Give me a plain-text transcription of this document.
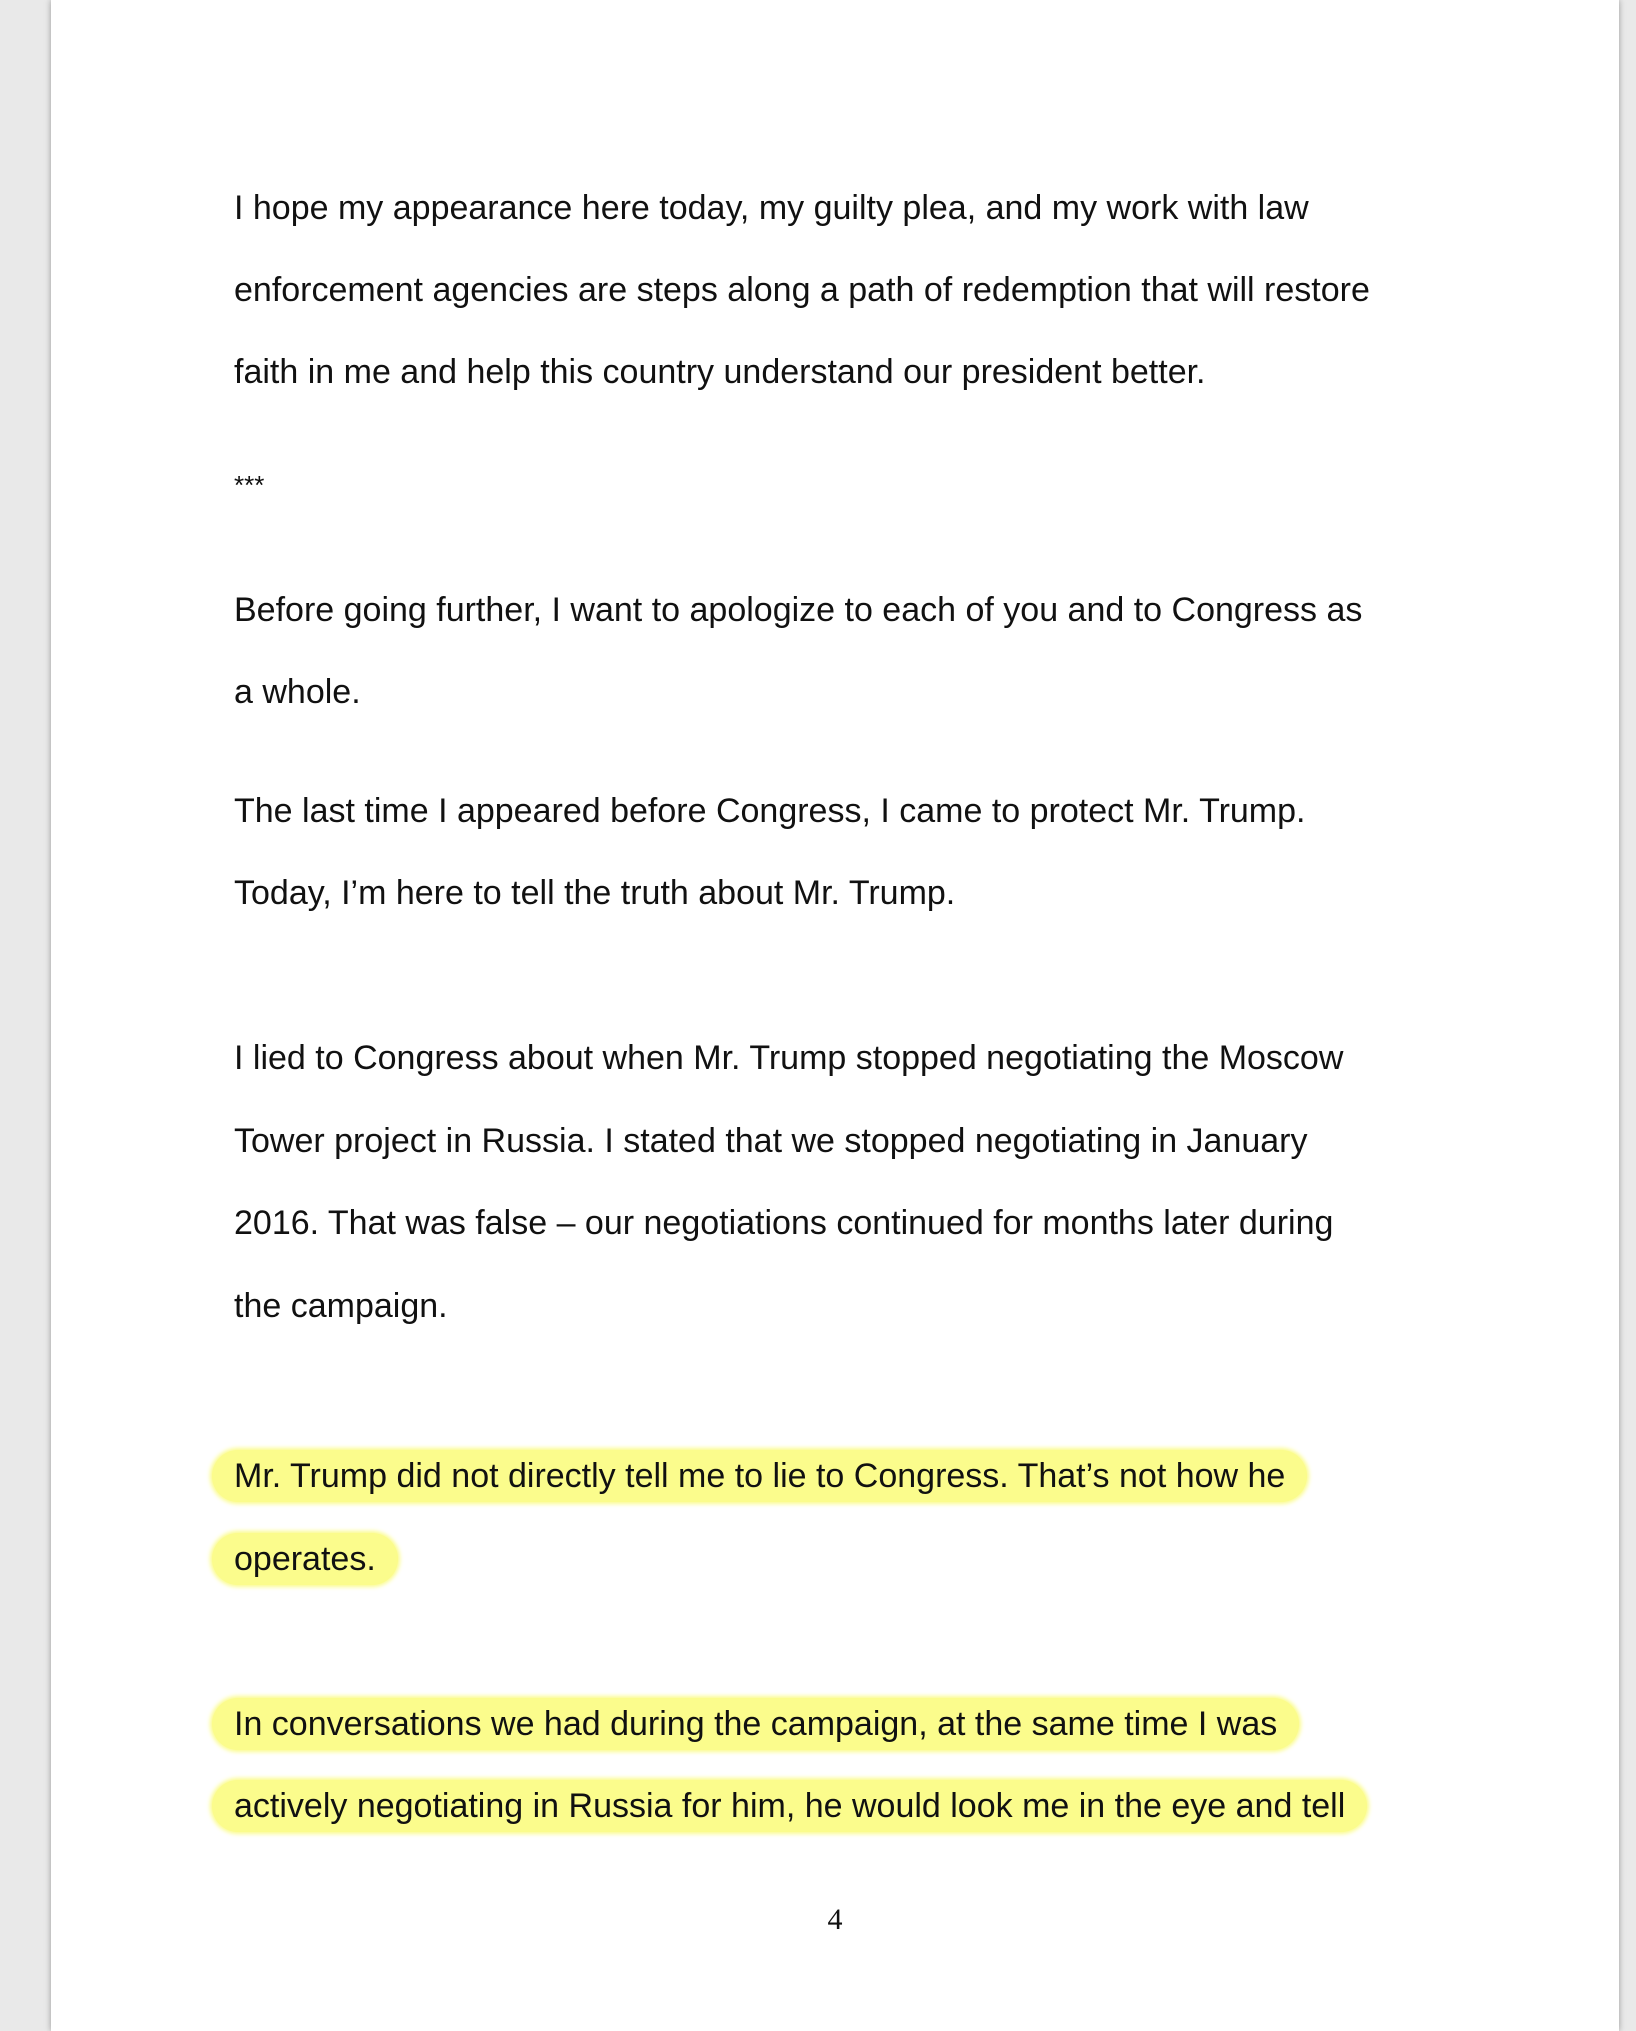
I hope my appearance here today, my guilty plea, and my work with law
enforcement agencies are steps along a path of redemption that will restore
faith in me and help this country understand our president better.
***
Before going further, I want to apologize to each of you and to Congress as
a whole.
The last time I appeared before Congress, I came to protect Mr. Trump.
Today, I’m here to tell the truth about Mr. Trump.
I lied to Congress about when Mr. Trump stopped negotiating the Moscow
Tower project in Russia. I stated that we stopped negotiating in January
2016. That was false – our negotiations continued for months later during
the campaign.
Mr. Trump did not directly tell me to lie to Congress. That’s not how he
operates.
In conversations we had during the campaign, at the same time I was
actively negotiating in Russia for him, he would look me in the eye and tell
4
